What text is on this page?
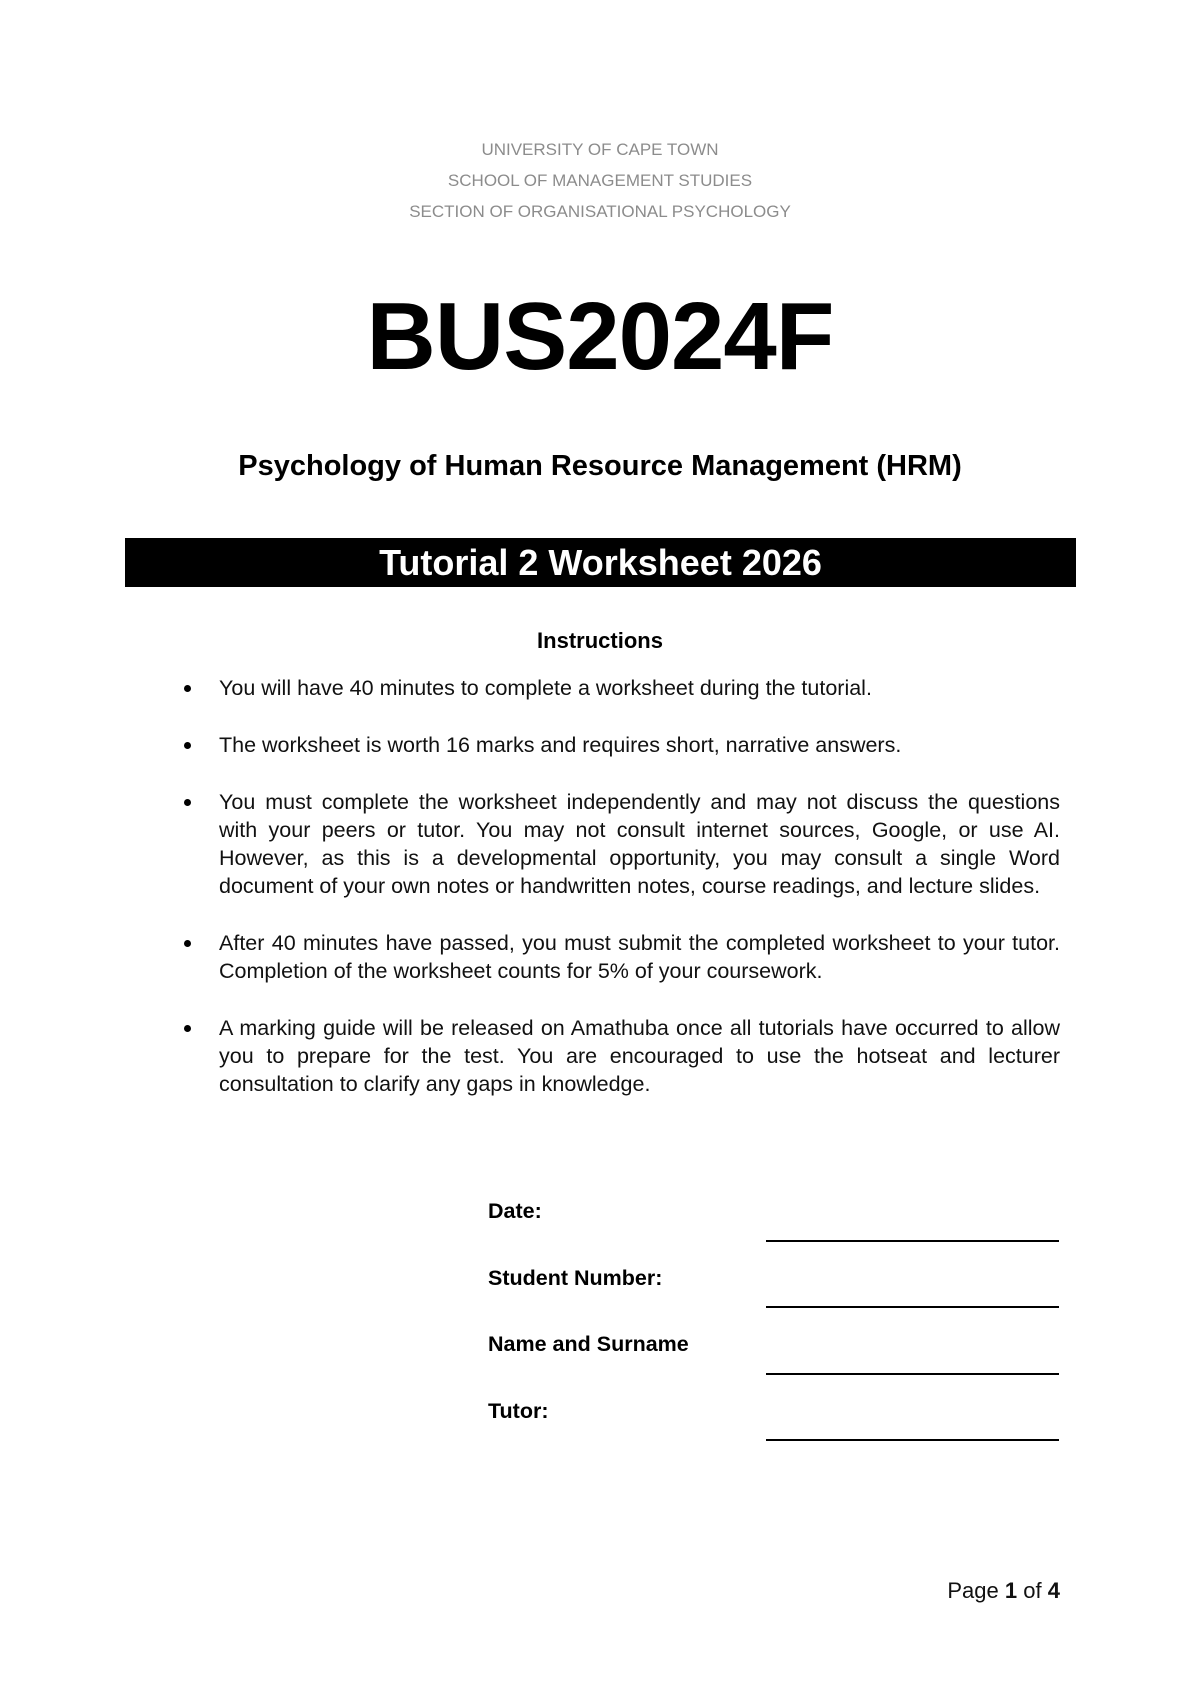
UNIVERSITY OF CAPE TOWN
SCHOOL OF MANAGEMENT STUDIES
SECTION OF ORGANISATIONAL PSYCHOLOGY
BUS2024F
Psychology of Human Resource Management (HRM)
Tutorial 2 Worksheet 2026
Instructions
You will have 40 minutes to complete a worksheet during the tutorial.
The worksheet is worth 16 marks and requires short, narrative answers.
You must complete the worksheet independently and may not discuss the questions with your peers or tutor. You may not consult internet sources, Google, or use AI. However, as this is a developmental opportunity, you may consult a single Word document of your own notes or handwritten notes, course readings, and lecture slides.
After 40 minutes have passed, you must submit the completed worksheet to your tutor. Completion of the worksheet counts for 5% of your coursework.
A marking guide will be released on Amathuba once all tutorials have occurred to allow you to prepare for the test. You are encouraged to use the hotseat and lecturer consultation to clarify any gaps in knowledge.
Date:
Student Number:
Name and Surname
Tutor:
Page 1 of 4
